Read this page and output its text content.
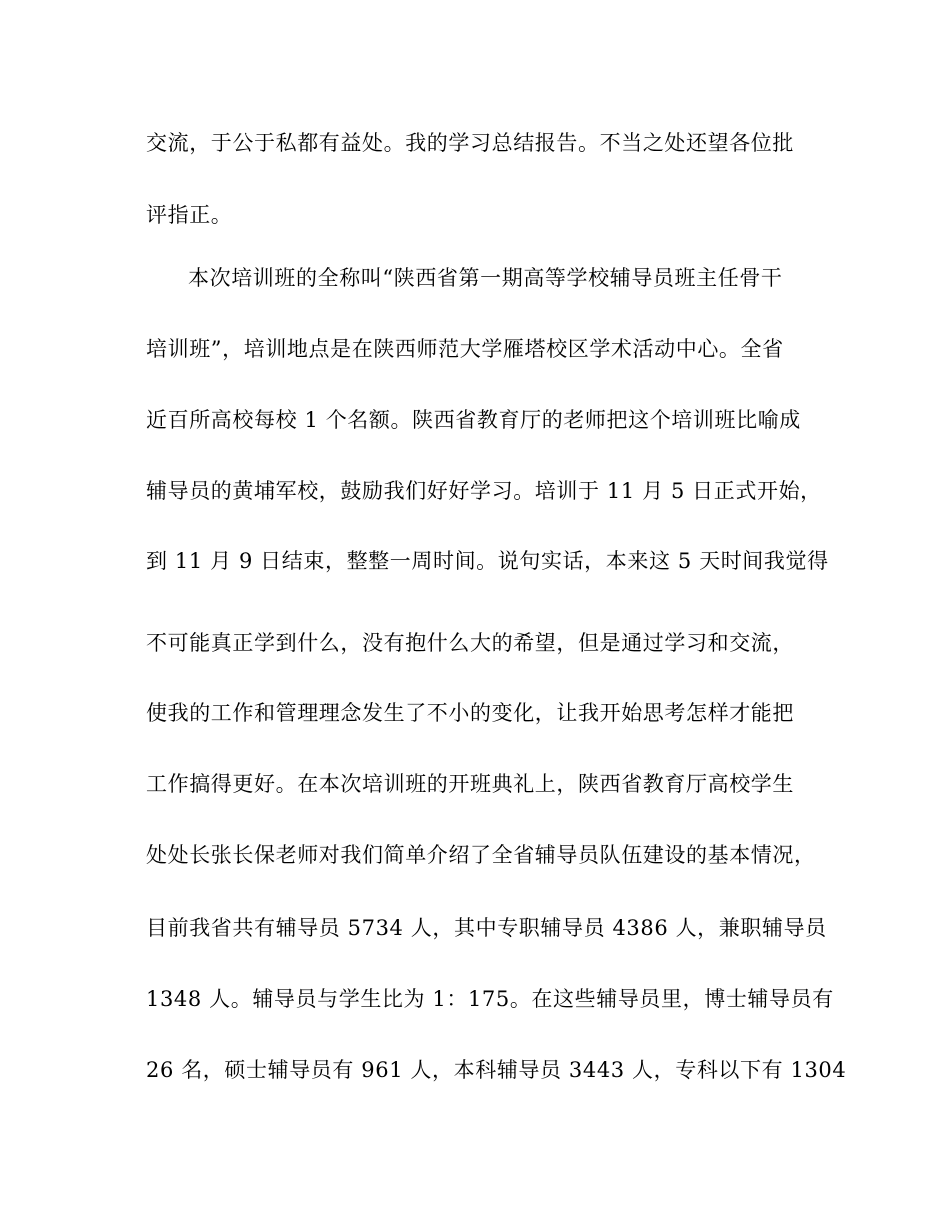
交流，于公于私都有益处。我的学习总结报告。不当之处还望各位批
评指正。
本次培训班的全称叫“陕西省第一期高等学校辅导员班主任骨干
培训班”，培训地点是在陕西师范大学雁塔校区学术活动中心。全省
近百所高校每校 1 个名额。陕西省教育厅的老师把这个培训班比喻成
辅导员的黄埔军校，鼓励我们好好学习。培训于 11 月 5 日正式开始，
到 11 月 9 日结束，整整一周时间。说句实话，本来这 5 天时间我觉得
不可能真正学到什么，没有抱什么大的希望，但是通过学习和交流，
使我的工作和管理理念发生了不小的变化，让我开始思考怎样才能把
工作搞得更好。在本次培训班的开班典礼上，陕西省教育厅高校学生
处处长张长保老师对我们简单介绍了全省辅导员队伍建设的基本情况，
目前我省共有辅导员 5734 人，其中专职辅导员 4386 人，兼职辅导员
1348 人。辅导员与学生比为 1：175。在这些辅导员里，博士辅导员有
26 名，硕士辅导员有 961 人，本科辅导员 3443 人，专科以下有 1304
